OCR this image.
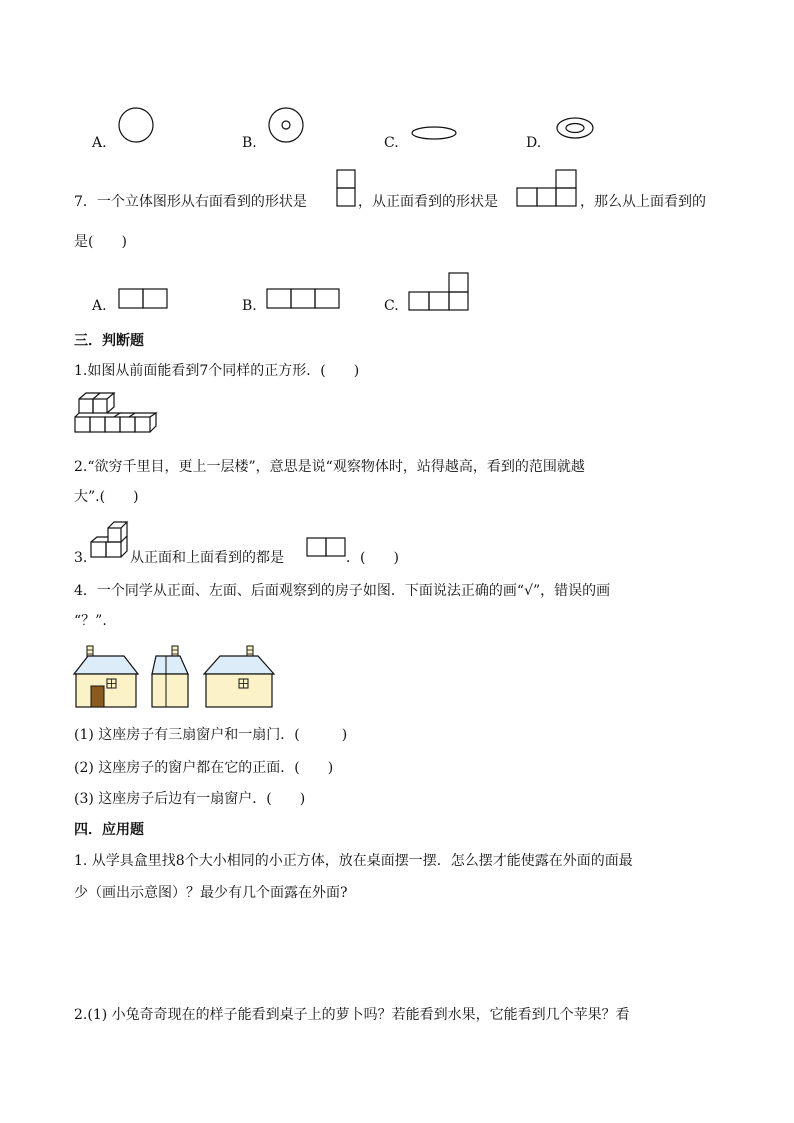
A.	B.	C.	D.
7．一个立体图形从右面看到的形状是	，从正面看到的形状是	，那么从上面看到的
是(　　)
A.	B.	C.
三．判断题
1.如图从前面能看到7个同样的正方形．(　　)
2.“欲穷千里目，更上一层楼”，意思是说“观察物体时，站得越高，看到的范围就越
大”.(　　)
3.	从正面和上面看到的都是	．(　　)
4．一个同学从正面、左面、后面观察到的房子如图．下面说法正确的画“√”，错误的画
“？”.
(1) 这座房子有三扇窗户和一扇门．(　　　)
(2) 这座房子的窗户都在它的正面．(　　)
(3) 这座房子后边有一扇窗户．(　　)
四．应用题
1. 从学具盒里找8个大小相同的小正方体，放在桌面摆一摆．怎么摆才能使露在外面的面最
少（画出示意图）？最少有几个面露在外面?
2.(1) 小兔奇奇现在的样子能看到桌子上的萝卜吗？若能看到水果，它能看到几个苹果？看
